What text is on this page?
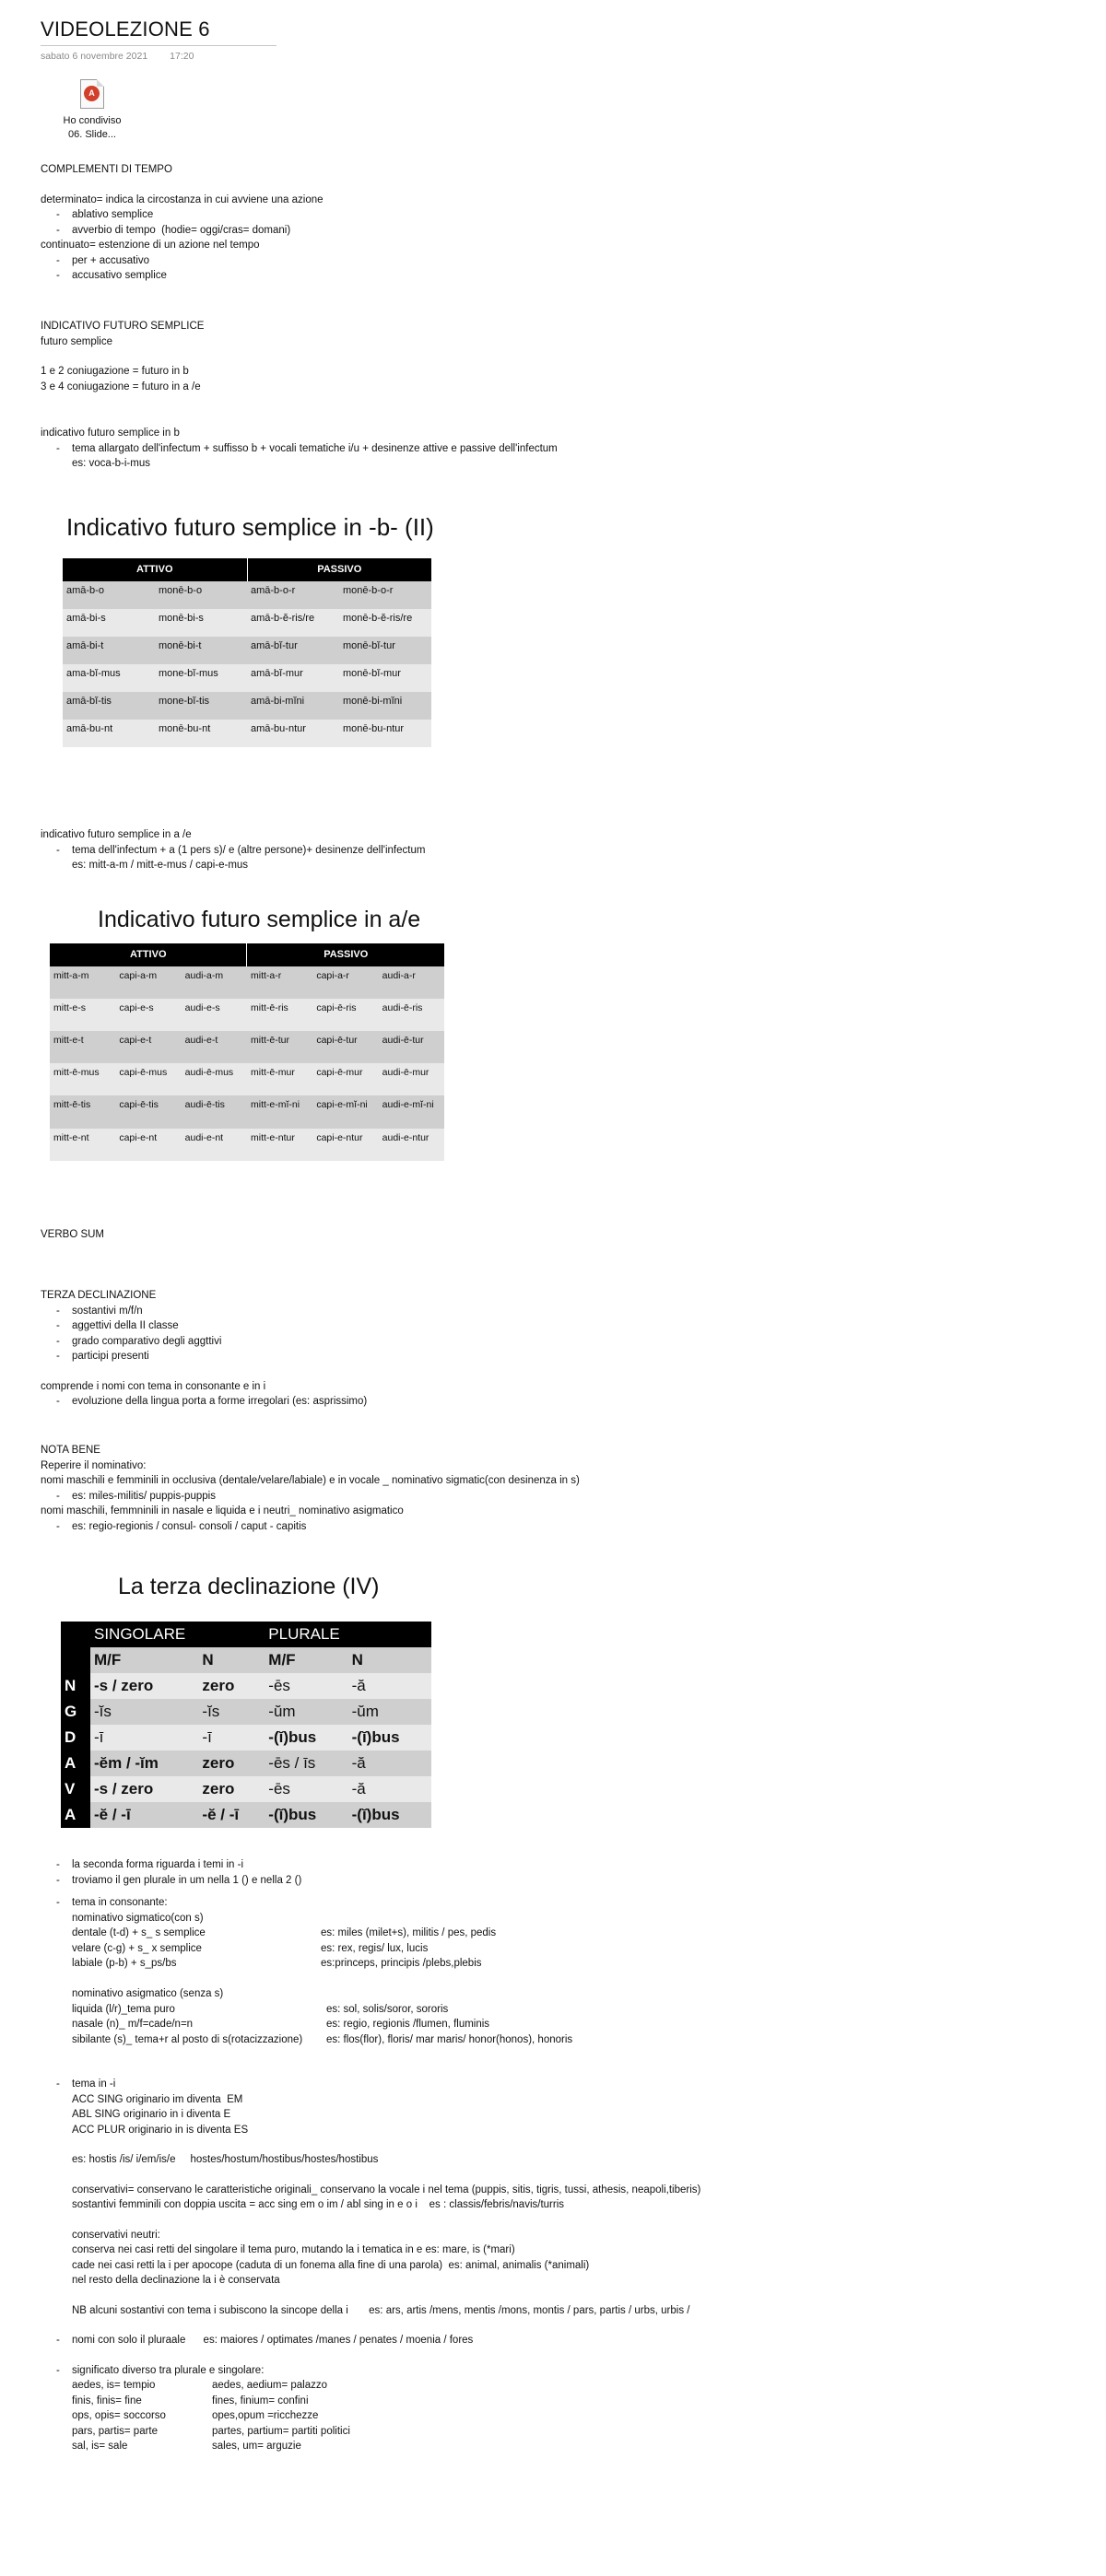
VIDEOLEZIONE 6
sabato 6 novembre 2021 17:20
A
Ho condiviso
06. Slide...
COMPLEMENTI DI TEMPO
determinato= indica la circostanza in cui avviene una azione
- ablativo semplice
- avverbio di tempo  (hodie= oggi/cras= domani)
continuato= estenzione di un azione nel tempo
- per + accusativo
- accusativo semplice
INDICATIVO FUTURO SEMPLICE
futuro semplice
1 e 2 coniugazione = futuro in b
3 e 4 coniugazione = futuro in a /e
indicativo futuro semplice in b
- tema allargato dell'infectum + suffisso b + vocali tematiche i/u + desinenze attive e passive dell'infectum
es: voca-b-i-mus
Indicativo futuro semplice in -b- (II)
ATTIVO		PASSIVO	
amā-b-o	monē-b-o	amā-b-o-r	monē-b-o-r
amā-bi-s	monē-bi-s	amā-b-ĕ-ris/re	monē-b-ĕ-ris/re
amā-bi-t	monē-bi-t	amā-bĭ-tur	monē-bĭ-tur
ama-bĭ-mus	mone-bĭ-mus	amā-bĭ-mur	monē-bĭ-mur
amā-bĭ-tis	mone-bĭ-tis	amā-bi-mĭni	monē-bi-mĭni
amā-bu-nt	monē-bu-nt	amā-bu-ntur	monē-bu-ntur
indicativo futuro semplice in a /e
- tema dell'infectum + a (1 pers s)/ e (altre persone)+ desinenze dell'infectum
es: mitt-a-m / mitt-e-mus / capi-e-mus
Indicativo futuro semplice in a/e
ATTIVO			PASSIVO		
mitt-a-m	capi-a-m	audi-a-m	mitt-a-r	capi-a-r	audi-a-r
mitt-e-s	capi-e-s	audi-e-s	mitt-ē-ris	capi-ē-ris	audi-ē-ris
mitt-e-t	capi-e-t	audi-e-t	mitt-ē-tur	capi-ē-tur	audi-ē-tur
mitt-ē-mus	capi-ē-mus	audi-ē-mus	mitt-ē-mur	capi-ē-mur	audi-ē-mur
mitt-ē-tis	capi-ē-tis	audi-ē-tis	mitt-e-mĭ-ni	capi-e-mĭ-ni	audi-e-mĭ-ni
mitt-e-nt	capi-e-nt	audi-e-nt	mitt-e-ntur	capi-e-ntur	audi-e-ntur
VERBO SUM
TERZA DECLINAZIONE
- sostantivi m/f/n
- aggettivi della II classe
- grado comparativo degli aggttivi
- participi presenti
comprende i nomi con tema in consonante e in i
- evoluzione della lingua porta a forme irregolari (es: asprissimo)
NOTA BENE
Reperire il nominativo:
nomi maschili e femminili in occlusiva (dentale/velare/labiale) e in vocale _ nominativo sigmatic(con desinenza in s)
- es: miles-militis/ puppis-puppis
nomi maschili, femmninili in nasale e liquida e i neutri_ nominativo asigmatico
- es: regio-regionis / consul- consoli / caput - capitis
La terza declinazione (IV)
	SINGOLARE		PLURALE	
	M/F	N	M/F	N
N	-s / zero	zero	-ēs	-ă
G	-ĭs	-ĭs	-ŭm	-ŭm
D	-ī	-ī	-(ĭ)bus	-(ĭ)bus
A	-ĕm / -ĭm	zero	-ēs / īs	-ă
V	-s / zero	zero	-ēs	-ă
A	-ĕ / -ī	-ĕ / -ī	-(ĭ)bus	-(ĭ)bus
- la seconda forma riguarda i temi in -i
- troviamo il gen plurale in um nella 1 () e nella 2 ()
- tema in consonante:
nominativo sigmatico(con s)
dentale (t-d) + s_ s semplice	es: miles (milet+s), militis / pes, pedis
velare (c-g) + s_ x semplice	es: rex, regis/ lux, lucis
labiale (p-b) + s_ps/bs	es:princeps, principis /plebs,plebis
nominativo asigmatico (senza s)
liquida (l/r)_tema puro	es: sol, solis/soror, sororis
nasale (n)_ m/f=cade/n=n	es: regio, regionis /flumen, fluminis
sibilante (s)_ tema+r al posto di s(rotacizzazione) es: flos(flor), floris/ mar maris/ honor(honos), honoris
- tema in -i
ACC SING originario im diventa  EM
ABL SING originario in i diventa E
ACC PLUR originario in is diventa ES
es: hostis /is/ i/em/is/e     hostes/hostum/hostibus/hostes/hostibus
conservativi= conservano le caratteristiche originali_ conservano la vocale i nel tema (puppis, sitis, tigris, tussi, athesis, neapoli,tiberis)
sostantivi femminili con doppia uscita = acc sing em o im / abl sing in e o i    es : classis/febris/navis/turris
conservativi neutri:
conserva nei casi retti del singolare il tema puro, mutando la i tematica in e es: mare, is (*mari)
cade nei casi retti la i per apocope (caduta di un fonema alla fine di una parola)  es: animal, animalis (*animali)
nel resto della declinazione la i è conservata
NB alcuni sostantivi con tema i subiscono la sincope della i       es: ars, artis /mens, mentis /mons, montis / pars, partis / urbs, urbis /
- nomi con solo il pluraale      es: maiores / optimates /manes / penates / moenia / fores
- significato diverso tra plurale e singolare:
aedes, is= tempio	aedes, aedium= palazzo
finis, finis= fine	fines, finium= confini
ops, opis= soccorso	opes,opum =ricchezze
pars, partis= parte	partes, partium= partiti politici
sal, is= sale	sales, um= arguzie
